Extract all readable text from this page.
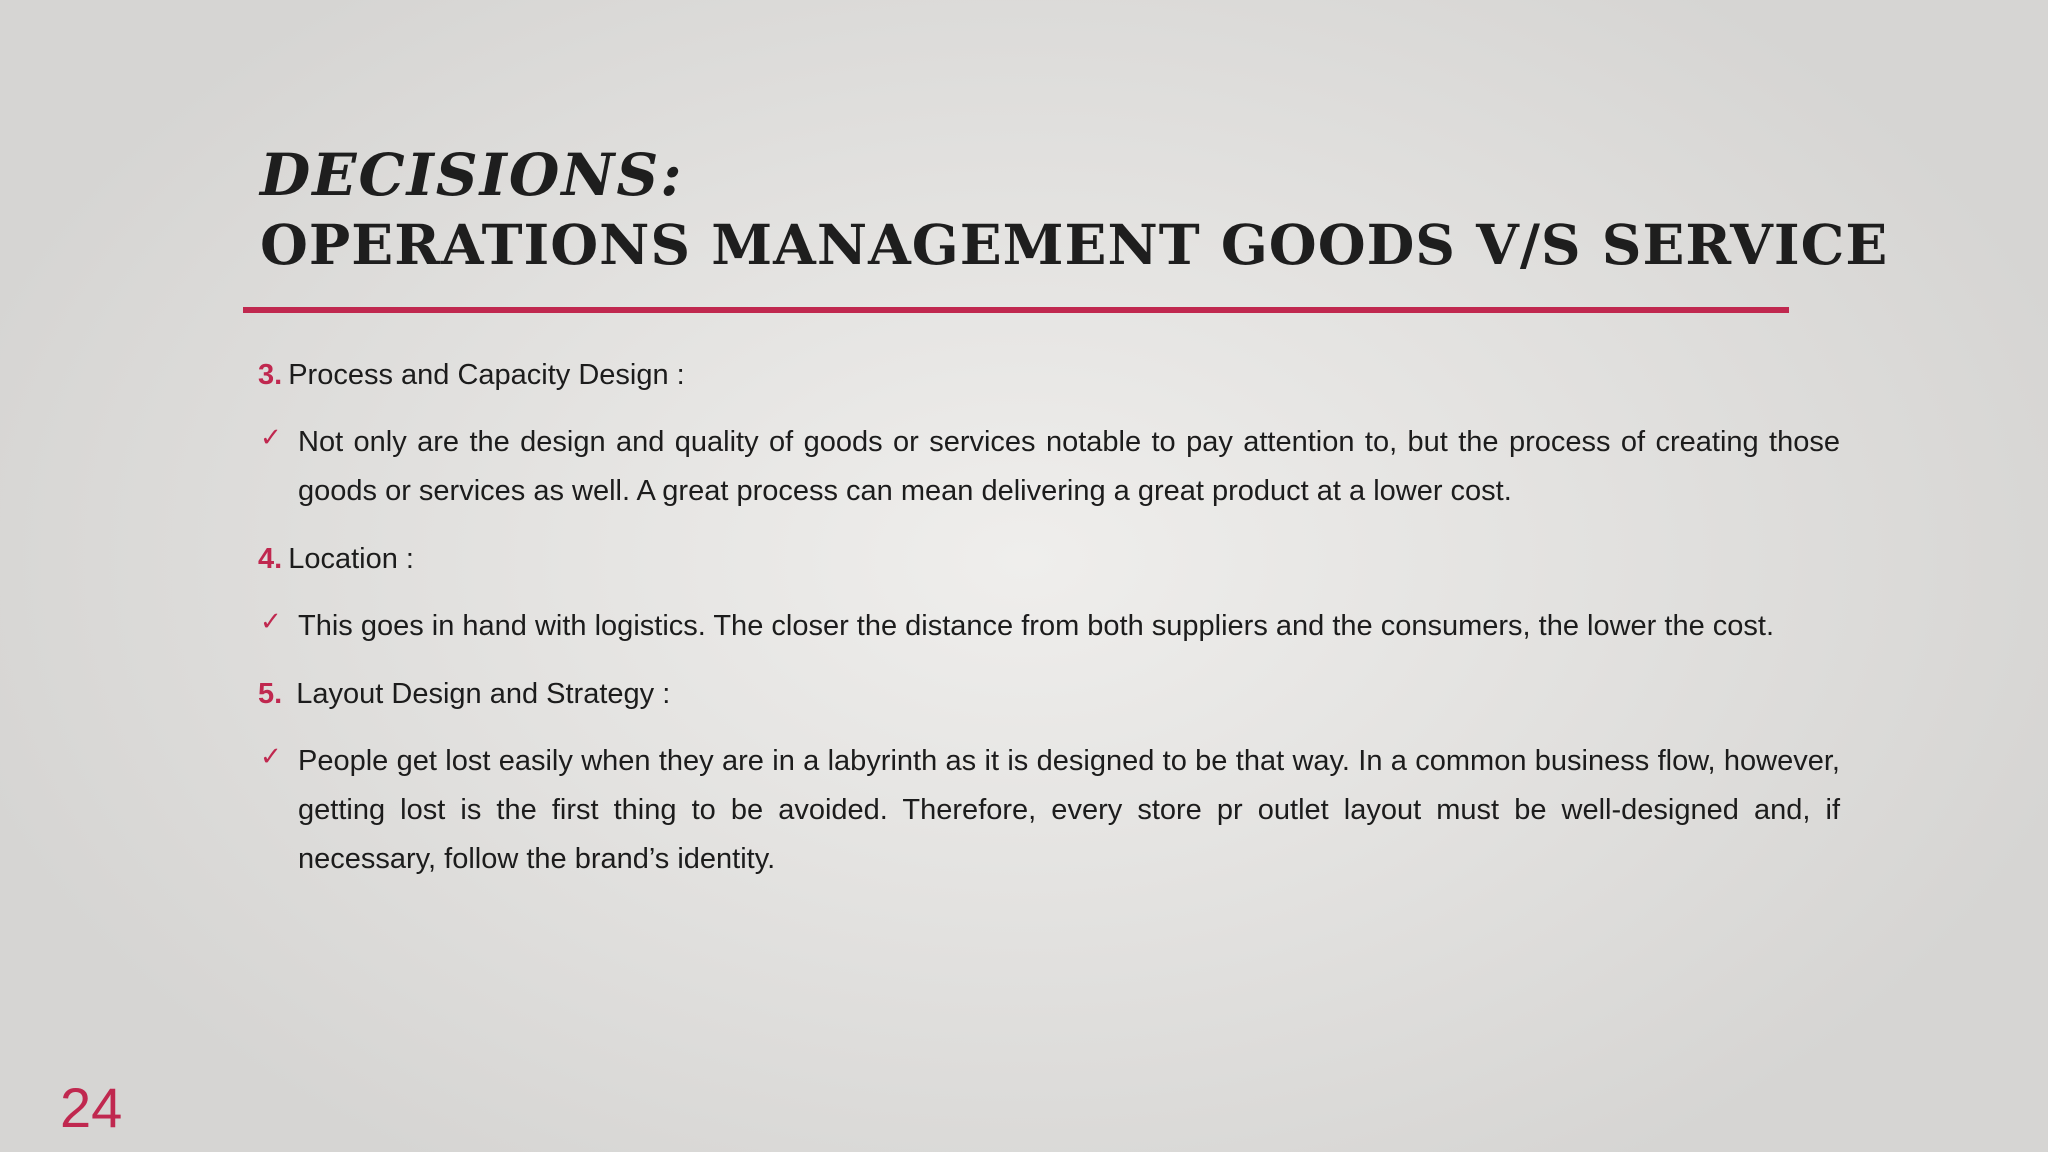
DECISIONS:
OPERATIONS MANAGEMENT GOODS V/S SERVICE
3. Process and Capacity Design :
✓ Not only are the design and quality of goods or services notable to pay attention to, but the process of creating those goods or services as well. A great process can mean delivering a great product at a lower cost.
4. Location :
✓ This goes in hand with logistics. The closer the distance from both suppliers and the consumers, the lower the cost.
5. Layout Design and Strategy :
✓ People get lost easily when they are in a labyrinth as it is designed to be that way. In a common business flow, however, getting lost is the first thing to be avoided. Therefore, every store pr outlet layout must be well-designed and, if necessary, follow the brand’s identity.
24
